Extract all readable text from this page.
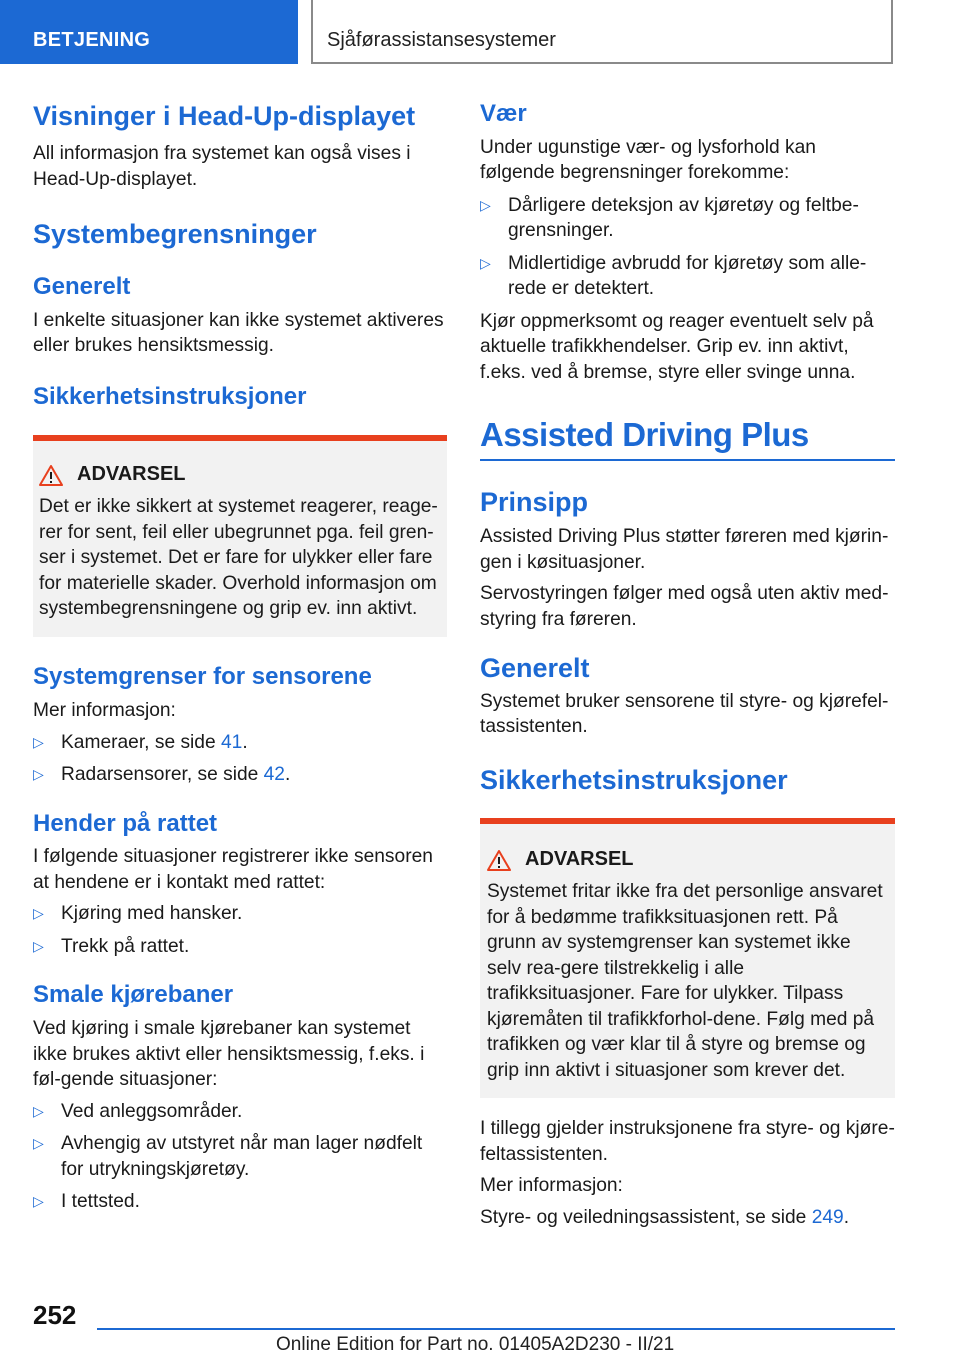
BETJENING	Sjåførassistansesystemer
Visninger i Head-Up-displayet

All informasjon fra systemet kan også vises i Head-Up-displayet.

Systembegrensninger
Generelt

I enkelte situasjoner kan ikke systemet aktiveres eller brukes hensiktsmessig.

Sikkerhetsinstruksjoner
ADVARSEL

Det er ikke sikkert at systemet reagerer, reage-rer for sent, feil eller ubegrunnet pga. feil gren-ser i systemet. Det er fare for ulykker eller fare for materielle skader. Overhold informasjon om systembegrensningene og grip ev. inn aktivt.

Systemgrenser for sensorene

Mer informasjon:

▷ Kameraer, se side 41.
▷ Radarsensorer, se side 42.
Hender på rattet

I følgende situasjoner registrerer ikke sensoren at hendene er i kontakt med rattet:

▷ Kjøring med hansker.
▷ Trekk på rattet.
Smale kjørebaner

Ved kjøring i smale kjørebaner kan systemet ikke brukes aktivt eller hensiktsmessig, f.eks. i føl-gende situasjoner:

▷ Ved anleggsområder.
▷ Avhengig av utstyret når man lager nødfelt for utrykningskjøretøy.
▷ I tettsted.
Vær

Under ugunstige vær- og lysforhold kan følgende begrensninger forekomme:

▷ Dårligere deteksjon av kjøretøy og feltbe-grensninger.
▷ Midlertidige avbrudd for kjøretøy som alle-rede er detektert.

Kjør oppmerksomt og reager eventuelt selv på aktuelle trafikkhendelser. Grip ev. inn aktivt, f.eks. ved å bremse, styre eller svinge unna.

Assisted Driving Plus
Prinsipp

Assisted Driving Plus støtter føreren med kjørin-gen i køsituasjoner.

Servostyringen følger med også uten aktiv med-styring fra føreren.

Generelt

Systemet bruker sensorene til styre- og kjørefel-tassistenten.

Sikkerhetsinstruksjoner
ADVARSEL

Systemet fritar ikke fra det personlige ansvaret for å bedømme trafikksituasjonen rett. På grunn av systemgrenser kan systemet ikke selv rea-gere tilstrekkelig i alle trafikksituasjoner. Fare for ulykker. Tilpass kjøremåten til trafikkforhol-dene. Følg med på trafikken og vær klar til å styre og bremse og grip inn aktivt i situasjoner som krever det.

I tillegg gjelder instruksjonene fra styre- og kjøre-feltassistenten.

Mer informasjon:

Styre- og veiledningsassistent, se side 249.

252
Online Edition for Part no. 01405A2D230 - II/21
